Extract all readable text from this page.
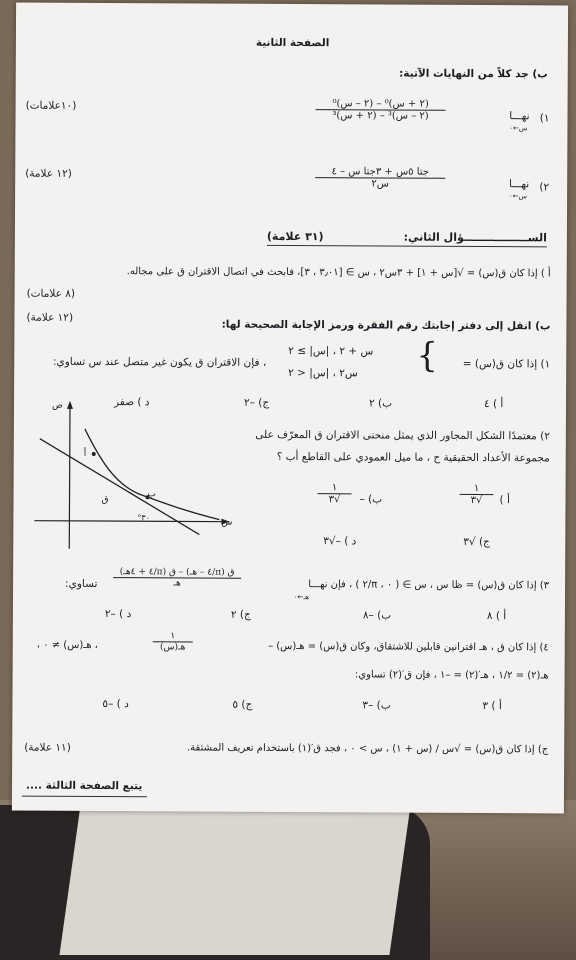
الصفحة الثانية
ب) جد كلاً من النهايات الآتية:
١)
نهـــا
س←٠
(٢ + س)⁰ – (٢ – س)⁰
(٢ – س)³ – (٢ + س)³
(١٠علامات)
٢)
نهـــا
س←٠
جتا ٥س + ٣جتا س – ٤
س٢
(١٢ علامة)
الســـــــــــــــــؤال الثاني:
(٣١ علامة)
أ ) إذا كان ق(س) = √[س + ١] + ٣س٢ ، س ∋ [٣٫٠١ ، ٣]، فابحث في اتصال الاقتران ق على مجاله.
(٨ علامات)
(١٢ علامة)
ب) انقل إلى دفتر إجابتك رقم الفقرة ورمز الإجابة الصحيحة لها:
١) إذا كان ق(س) =
{
س + ٢ ، |س| ≥ ٢
س٢ ، |س| < ٢
، فإن الاقتران ق يكون غير متصل عند س تساوي:
أ ) ٤
ب) ٢
ج) –٢
د ) صفر
٢) معتمدًا الشكل المجاور الذي يمثل منحنى الاقتران ق المعرّف على
مجموعة الأعداد الحقيقية ح ، ما ميل العمودي على القاطع أب ؟
ص
س
أ
ب
ق
٣٠°
أ )
١
√٣
ب) –
١
√٣
ج) √٣
د ) –√٣
٣) إذا كان ق(س) = ظا س ، س ∋ ( ٠ ، π/٢ ) ، فإن نهـــا
هـ←٠
ق (π/٤ – هـ) – ق (π/٤ + ٤هـ)
هـ
تساوي:
أ ) ٨
ب) –٨
ج) ٢
د ) –٢
٤) إذا كان ق ، هـ اقترانين قابلين للاشتقاق، وكان ق(س) = هـ(س) –
١
هـ(س)
، هـ(س) ≠ ٠ ،
هـ(٢) = ١/٢ ، هـ′(٢) = –١ ، فإن ق′(٢) تساوي:
أ ) ٣
ب) –٣
ج) ٥
د ) –٥
ج) إذا كان ق(س) = √س / (س + ١) ، س > ٠ ، فجد ق′(١) باستخدام تعريف المشتقة.
(١١ علامة)
يتبع الصفحة الثالثة ....
